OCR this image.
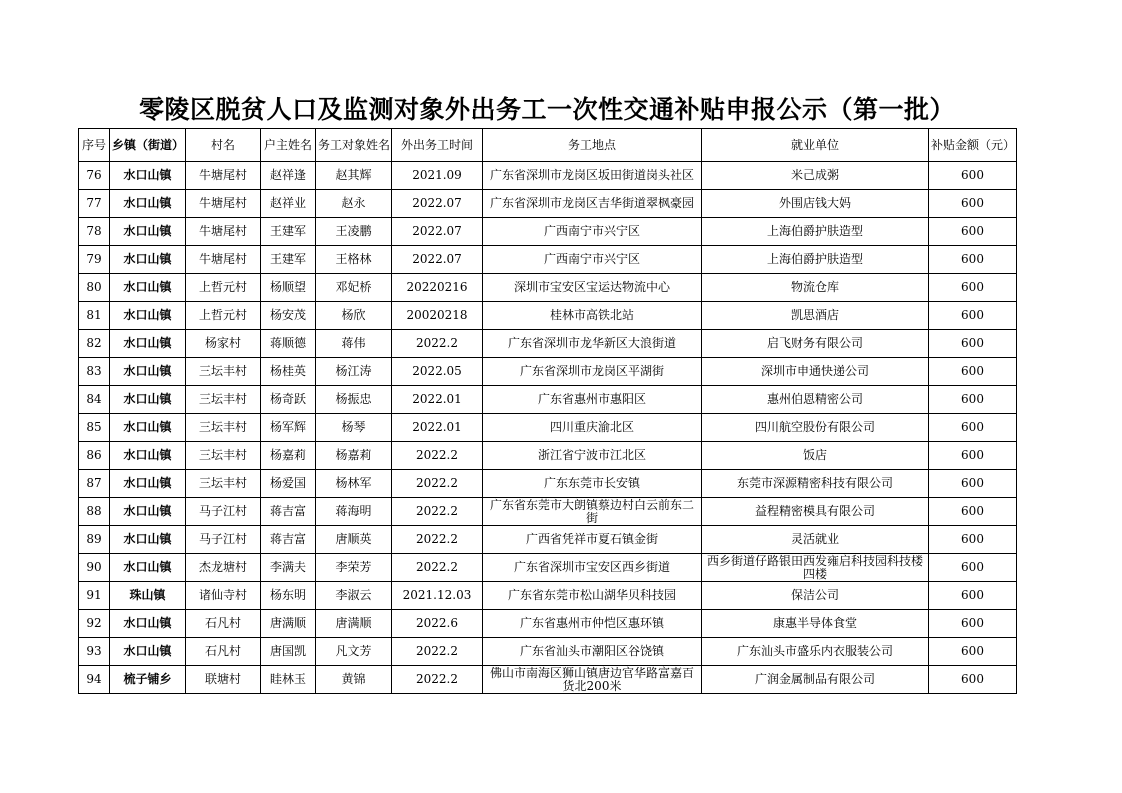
零陵区脱贫人口及监测对象外出务工一次性交通补贴申报公示（第一批）
序号	乡镇（街道）	村名	户主姓名	务工对象姓名	外出务工时间	务工地点	就业单位	补贴金额（元）
76	水口山镇	牛塘尾村	赵祥逢	赵其辉	2021.09	广东省深圳市龙岗区坂田街道岗头社区	米己成粥	600
77	水口山镇	牛塘尾村	赵祥业	赵永	2022.07	广东省深圳市龙岗区吉华街道翠枫豪园	外围店钱大妈	600
78	水口山镇	牛塘尾村	王建军	王凌鹏	2022.07	广西南宁市兴宁区	上海伯爵护肤造型	600
79	水口山镇	牛塘尾村	王建军	王格林	2022.07	广西南宁市兴宁区	上海伯爵护肤造型	600
80	水口山镇	上哲元村	杨顺望	邓妃桥	20220216	深圳市宝安区宝运达物流中心	物流仓库	600
81	水口山镇	上哲元村	杨安茂	杨欣	20020218	桂林市高铁北站	凯思酒店	600
82	水口山镇	杨家村	蒋顺德	蒋伟	2022.2	广东省深圳市龙华新区大浪街道	启飞财务有限公司	600
83	水口山镇	三坛丰村	杨桂英	杨江涛	2022.05	广东省深圳市龙岗区平湖街	深圳市申通快递公司	600
84	水口山镇	三坛丰村	杨奇跃	杨振忠	2022.01	广东省惠州市惠阳区	惠州伯恩精密公司	600
85	水口山镇	三坛丰村	杨军辉	杨琴	2022.01	四川重庆渝北区	四川航空股份有限公司	600
86	水口山镇	三坛丰村	杨嘉莉	杨嘉莉	2022.2	浙江省宁波市江北区	饭店	600
87	水口山镇	三坛丰村	杨爱国	杨林军	2022.2	广东东莞市长安镇	东莞市深源精密科技有限公司	600
88	水口山镇	马子江村	蒋吉富	蒋海明	2022.2	广东省东莞市大朗镇蔡边村白云前东二街	益程精密模具有限公司	600
89	水口山镇	马子江村	蒋吉富	唐顺英	2022.2	广西省凭祥市夏石镇金街	灵活就业	600
90	水口山镇	杰龙塘村	李满夫	李荣芳	2022.2	广东省深圳市宝安区西乡街道	西乡街道仔路银田西发雍启科技园科技楼四楼	600
91	珠山镇	诸仙寺村	杨东明	李淑云	2021.12.03	广东省东莞市松山湖华贝科技园	保洁公司	600
92	水口山镇	石凡村	唐满顺	唐满顺	2022.6	广东省惠州市仲恺区惠环镇	康惠半导体食堂	600
93	水口山镇	石凡村	唐国凯	凡文芳	2022.2	广东省汕头市潮阳区谷饶镇	广东汕头市盛乐内衣服装公司	600
94	梳子铺乡	联塘村	眭林玉	黄锦	2022.2	佛山市南海区狮山镇唐边官华路富嘉百货北200米	广润金属制品有限公司	600
